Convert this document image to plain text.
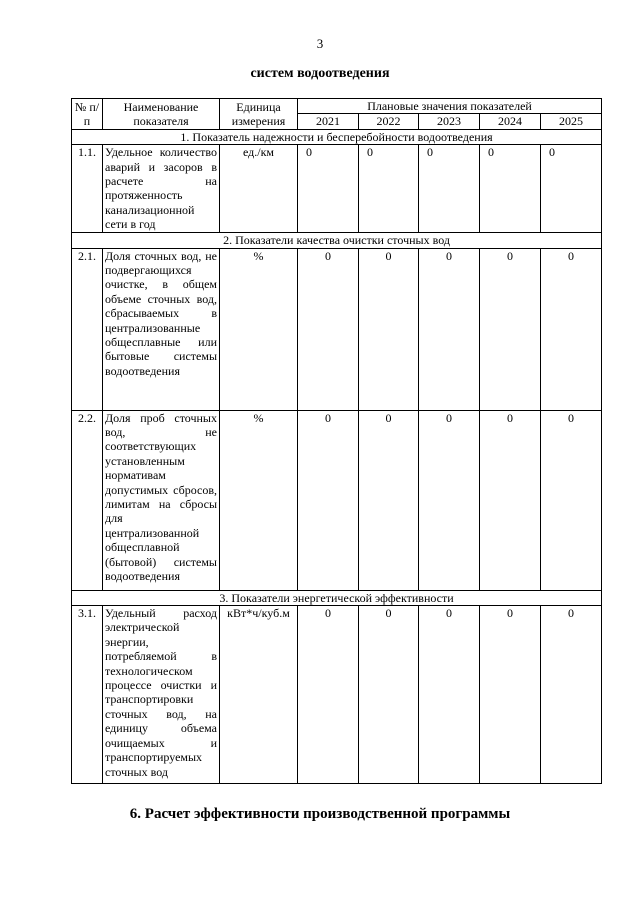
3
систем водоотведения
№ п/п	Наименование показателя	Единица измерения	Плановые значения показателей				
			2021	2022	2023	2024	2025
1. Показатель надежности и бесперебойности водоотведения							
1.1.	Удельное количество аварий и засоров в расчете на протяженность канализационной сети в год	ед./км	0	0	0	0	0
2. Показатели качества очистки сточных вод							
2.1.	Доля сточных вод, не подвергающихся очистке, в общем объеме сточных вод, сбрасываемых в централизованные общесплавные или бытовые системы водоотведения	%	0	0	0	0	0
2.2.	Доля проб сточных вод, не соответствующих установленным нормативам допустимых сбросов, лимитам на сбросы для централизованной общесплавной (бытовой) системы водоотведения	%	0	0	0	0	0
3. Показатели энергетической эффективности							
3.1.	Удельный расход электрической энергии, потребляемой в технологическом процессе очистки и транспортировки сточных вод, на единицу объема очищаемых и транспортируемых сточных вод	кВт*ч/куб.м	0	0	0	0	0
6. Расчет эффективности производственной программы
